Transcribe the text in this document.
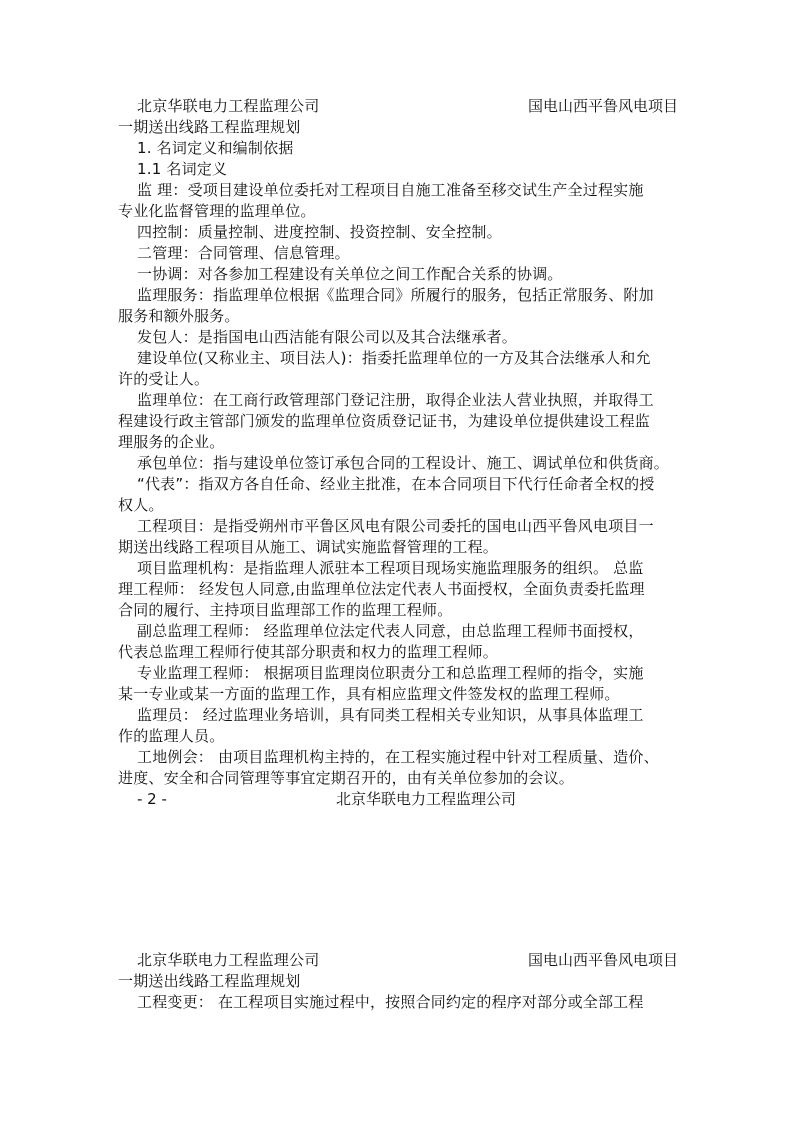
北京华联电力工程监理公司	国电山西平鲁风电项目
一期送出线路工程监理规划
1. 名词定义和编制依据
1.1 名词定义
监 理：受项目建设单位委托对工程项目自施工准备至移交试生产全过程实施
专业化监督管理的监理单位。
四控制：质量控制、进度控制、投资控制、安全控制。
二管理：合同管理、信息管理。
一协调：对各参加工程建设有关单位之间工作配合关系的协调。
监理服务：指监理单位根据《监理合同》所履行的服务，包括正常服务、附加
服务和额外服务。
发包人：是指国电山西洁能有限公司以及其合法继承者。
建设单位(又称业主、项目法人)：指委托监理单位的一方及其合法继承人和允
许的受让人。
监理单位：在工商行政管理部门登记注册，取得企业法人营业执照，并取得工
程建设行政主管部门颁发的监理单位资质登记证书，为建设单位提供建设工程监
理服务的企业。
承包单位：指与建设单位签订承包合同的工程设计、施工、调试单位和供货商。
“代表”：指双方各自任命、经业主批准，在本合同项目下代行任命者全权的授
权人。
工程项目：是指受朔州市平鲁区风电有限公司委托的国电山西平鲁风电项目一
期送出线路工程项目从施工、调试实施监督管理的工程。
项目监理机构：是指监理人派驻本工程项目现场实施监理服务的组织。 总监
理工程师： 经发包人同意,由监理单位法定代表人书面授权，全面负责委托监理
合同的履行、主持项目监理部工作的监理工程师。
副总监理工程师： 经监理单位法定代表人同意，由总监理工程师书面授权，
代表总监理工程师行使其部分职责和权力的监理工程师。
专业监理工程师： 根据项目监理岗位职责分工和总监理工程师的指令，实施
某一专业或某一方面的监理工作，具有相应监理文件签发权的监理工程师。
监理员： 经过监理业务培训，具有同类工程相关专业知识，从事具体监理工
作的监理人员。
工地例会： 由项目监理机构主持的，在工程实施过程中针对工程质量、造价、
进度、安全和合同管理等事宜定期召开的，由有关单位参加的会议。
- 2 -	北京华联电力工程监理公司
北京华联电力工程监理公司	国电山西平鲁风电项目
一期送出线路工程监理规划
工程变更： 在工程项目实施过程中，按照合同约定的程序对部分或全部工程
